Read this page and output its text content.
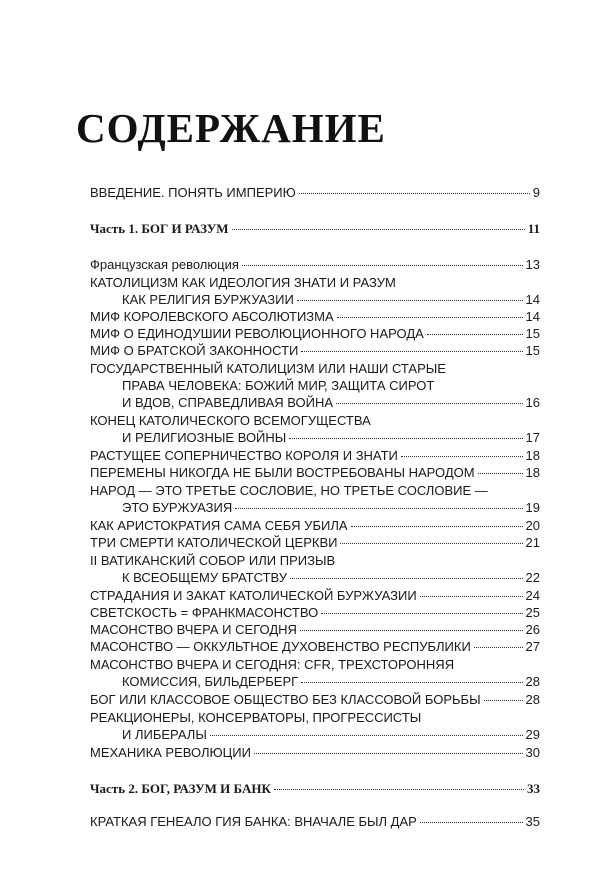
СОДЕРЖАНИЕ
ВВЕДЕНИЕ. ПОНЯТЬ ИМПЕРИЮ	9
Часть 1. БОГ И РАЗУМ	11
Французская революция	13
КАТОЛИЦИЗМ КАК ИДЕОЛОГИЯ ЗНАТИ И РАЗУМ
КАК РЕЛИГИЯ БУРЖУАЗИИ	14
МИФ КОРОЛЕВСКОГО АБСОЛЮТИЗМА	14
МИФ О ЕДИНОДУШИИ РЕВОЛЮЦИОННОГО НАРОДА	15
МИФ О БРАТСКОЙ ЗАКОННОСТИ	15
ГОСУДАРСТВЕННЫЙ КАТОЛИЦИЗМ ИЛИ НАШИ СТАРЫЕ
ПРАВА ЧЕЛОВЕКА: БОЖИЙ МИР, ЗАЩИТА СИРОТ
И ВДОВ, СПРАВЕДЛИВАЯ ВОЙНА	16
КОНЕЦ КАТОЛИЧЕСКОГО ВСЕМОГУЩЕСТВА
И РЕЛИГИОЗНЫЕ ВОЙНЫ	17
РАСТУЩЕЕ СОПЕРНИЧЕСТВО КОРОЛЯ И ЗНАТИ	18
ПЕРЕМЕНЫ НИКОГДА НЕ БЫЛИ ВОСТРЕБОВАНЫ НАРОДОМ	18
НАРОД — ЭТО ТРЕТЬЕ СОСЛОВИЕ, НО ТРЕТЬЕ СОСЛОВИЕ —
ЭТО БУРЖУАЗИЯ	19
КАК АРИСТОКРАТИЯ САМА СЕБЯ УБИЛА	20
ТРИ СМЕРТИ КАТОЛИЧЕСКОЙ ЦЕРКВИ	21
II ВАТИКАНСКИЙ СОБОР ИЛИ ПРИЗЫВ
К ВСЕОБЩЕМУ БРАТСТВУ	22
СТРАДАНИЯ И ЗАКАТ КАТОЛИЧЕСКОЙ БУРЖУАЗИИ	24
СВЕТСКОСТЬ = ФРАНКМАСОНСТВО	25
МАСОНСТВО ВЧЕРА И СЕГОДНЯ	26
МАСОНСТВО — ОККУЛЬТНОЕ ДУХОВЕНСТВО РЕСПУБЛИКИ	27
МАСОНСТВО ВЧЕРА И СЕГОДНЯ: CFR, ТРЕХСТОРОННЯЯ
КОМИССИЯ, БИЛЬДЕРБЕРГ	28
БОГ ИЛИ КЛАССОВОЕ ОБЩЕСТВО БЕЗ КЛАССОВОЙ БОРЬБЫ	28
РЕАКЦИОНЕРЫ, КОНСЕРВАТОРЫ, ПРОГРЕССИСТЫ
И ЛИБЕРАЛЫ	29
МЕХАНИКА РЕВОЛЮЦИИ	30
Часть 2. БОГ, РАЗУМ И БАНК	33
КРАТКАЯ ГЕНЕАЛО ГИЯ БАНКА: ВНАЧАЛЕ БЫЛ ДАР	35
